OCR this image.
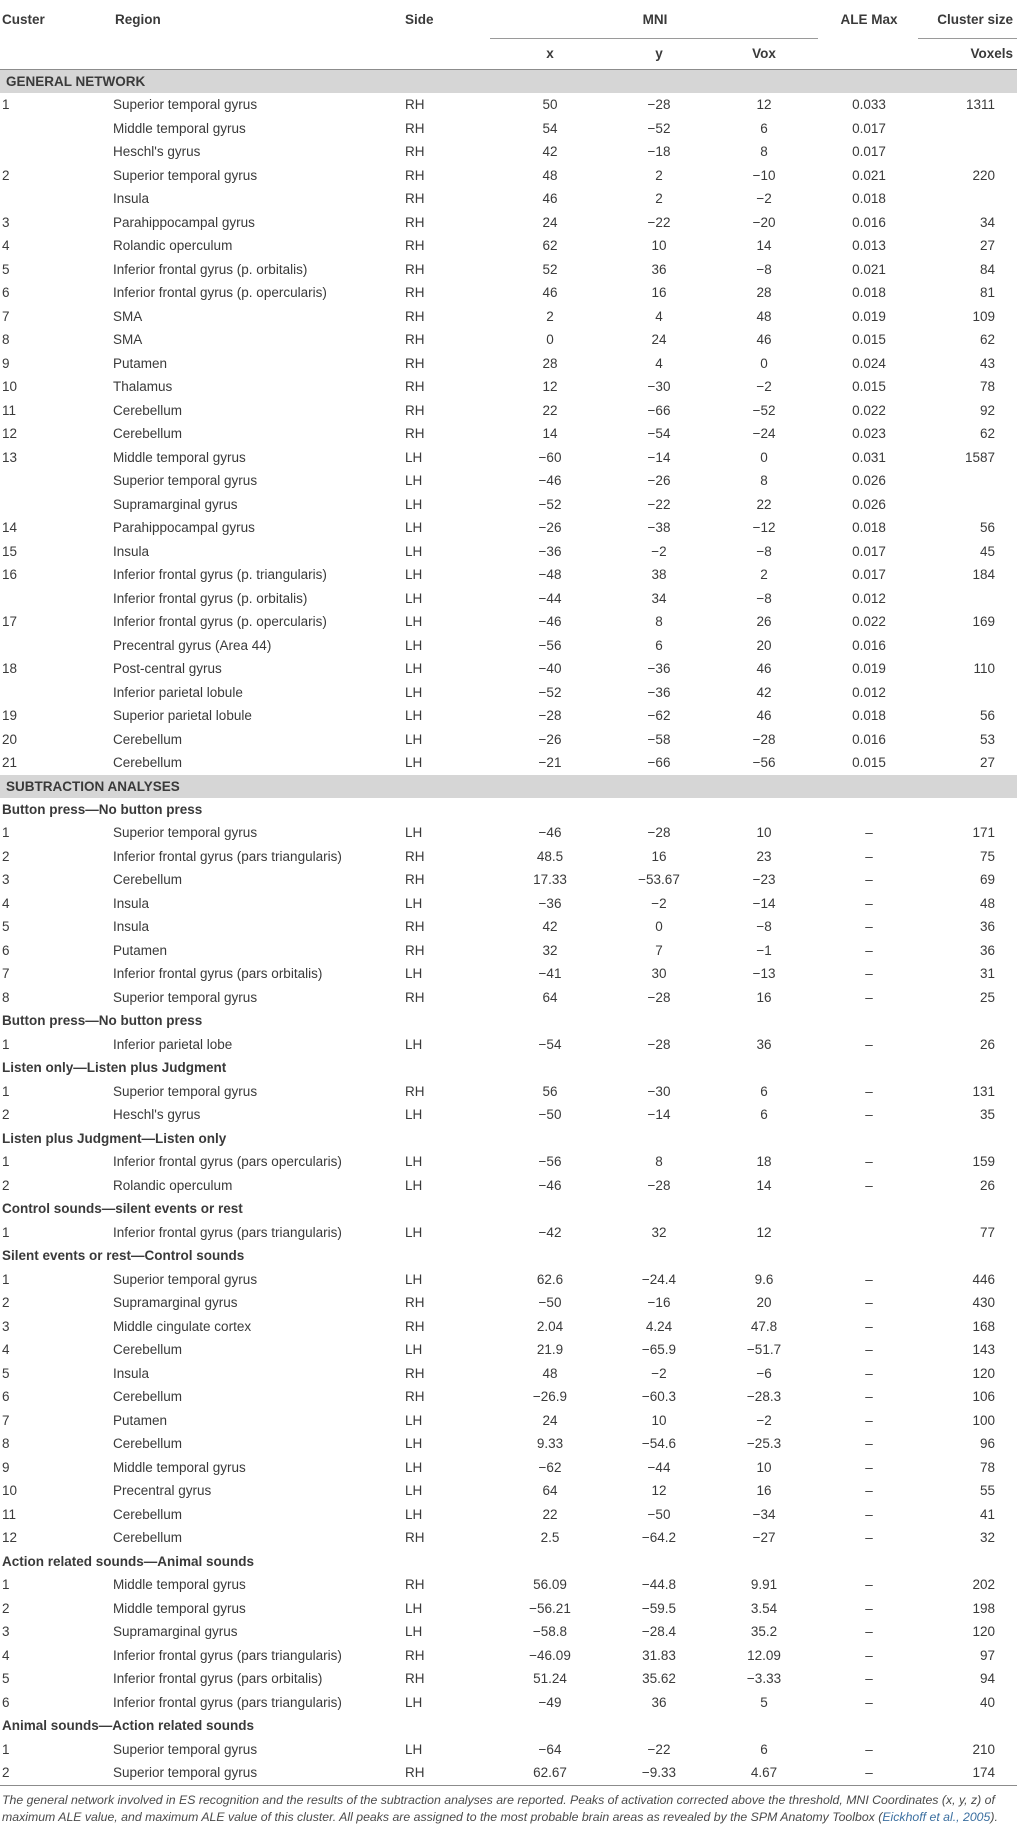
Custer	Region	Side	MNI			ALE Max	Cluster size
			x	y	Vox		Voxels
GENERAL NETWORK							
1	Superior temporal gyrus	RH	50	−28	12	0.033	1311
	Middle temporal gyrus	RH	54	−52	6	0.017	
	Heschl's gyrus	RH	42	−18	8	0.017	
2	Superior temporal gyrus	RH	48	2	−10	0.021	220
	Insula	RH	46	2	−2	0.018	
3	Parahippocampal gyrus	RH	24	−22	−20	0.016	34
4	Rolandic operculum	RH	62	10	14	0.013	27
5	Inferior frontal gyrus (p. orbitalis)	RH	52	36	−8	0.021	84
6	Inferior frontal gyrus (p. opercularis)	RH	46	16	28	0.018	81
7	SMA	RH	2	4	48	0.019	109
8	SMA	RH	0	24	46	0.015	62
9	Putamen	RH	28	4	0	0.024	43
10	Thalamus	RH	12	−30	−2	0.015	78
11	Cerebellum	RH	22	−66	−52	0.022	92
12	Cerebellum	RH	14	−54	−24	0.023	62
13	Middle temporal gyrus	LH	−60	−14	0	0.031	1587
	Superior temporal gyrus	LH	−46	−26	8	0.026	
	Supramarginal gyrus	LH	−52	−22	22	0.026	
14	Parahippocampal gyrus	LH	−26	−38	−12	0.018	56
15	Insula	LH	−36	−2	−8	0.017	45
16	Inferior frontal gyrus (p. triangularis)	LH	−48	38	2	0.017	184
	Inferior frontal gyrus (p. orbitalis)	LH	−44	34	−8	0.012	
17	Inferior frontal gyrus (p. opercularis)	LH	−46	8	26	0.022	169
	Precentral gyrus (Area 44)	LH	−56	6	20	0.016	
18	Post-central gyrus	LH	−40	−36	46	0.019	110
	Inferior parietal lobule	LH	−52	−36	42	0.012	
19	Superior parietal lobule	LH	−28	−62	46	0.018	56
20	Cerebellum	LH	−26	−58	−28	0.016	53
21	Cerebellum	LH	−21	−66	−56	0.015	27
SUBTRACTION ANALYSES							
Button press—No button press							
1	Superior temporal gyrus	LH	−46	−28	10	–	171
2	Inferior frontal gyrus (pars triangularis)	RH	48.5	16	23	–	75
3	Cerebellum	RH	17.33	−53.67	−23	–	69
4	Insula	LH	−36	−2	−14	–	48
5	Insula	RH	42	0	−8	–	36
6	Putamen	RH	32	7	−1	–	36
7	Inferior frontal gyrus (pars orbitalis)	LH	−41	30	−13	–	31
8	Superior temporal gyrus	RH	64	−28	16	–	25
Button press—No button press							
1	Inferior parietal lobe	LH	−54	−28	36	–	26
Listen only—Listen plus Judgment							
1	Superior temporal gyrus	RH	56	−30	6	–	131
2	Heschl's gyrus	LH	−50	−14	6	–	35
Listen plus Judgment—Listen only							
1	Inferior frontal gyrus (pars opercularis)	LH	−56	8	18	–	159
2	Rolandic operculum	LH	−46	−28	14	–	26
Control sounds—silent events or rest							
1	Inferior frontal gyrus (pars triangularis)	LH	−42	32	12		77
Silent events or rest—Control sounds							
1	Superior temporal gyrus	LH	62.6	−24.4	9.6	–	446
2	Supramarginal gyrus	RH	−50	−16	20	–	430
3	Middle cingulate cortex	RH	2.04	4.24	47.8	–	168
4	Cerebellum	LH	21.9	−65.9	−51.7	–	143
5	Insula	RH	48	−2	−6	–	120
6	Cerebellum	RH	−26.9	−60.3	−28.3	–	106
7	Putamen	LH	24	10	−2	–	100
8	Cerebellum	LH	9.33	−54.6	−25.3	–	96
9	Middle temporal gyrus	LH	−62	−44	10	–	78
10	Precentral gyrus	LH	64	12	16	–	55
11	Cerebellum	LH	22	−50	−34	–	41
12	Cerebellum	RH	2.5	−64.2	−27	–	32
Action related sounds—Animal sounds							
1	Middle temporal gyrus	RH	56.09	−44.8	9.91	–	202
2	Middle temporal gyrus	LH	−56.21	−59.5	3.54	–	198
3	Supramarginal gyrus	LH	−58.8	−28.4	35.2	–	120
4	Inferior frontal gyrus (pars triangularis)	RH	−46.09	31.83	12.09	–	97
5	Inferior frontal gyrus (pars orbitalis)	RH	51.24	35.62	−3.33	–	94
6	Inferior frontal gyrus (pars triangularis)	LH	−49	36	5	–	40
Animal sounds—Action related sounds							
1	Superior temporal gyrus	LH	−64	−22	6	–	210
2	Superior temporal gyrus	RH	62.67	−9.33	4.67	–	174
The general network involved in ES recognition and the results of the subtraction analyses are reported. Peaks of activation corrected above the threshold, MNI Coordinates (x, y, z) of maximum ALE value, and maximum ALE value of this cluster. All peaks are assigned to the most probable brain areas as revealed by the SPM Anatomy Toolbox (Eickhoff et al., 2005).
